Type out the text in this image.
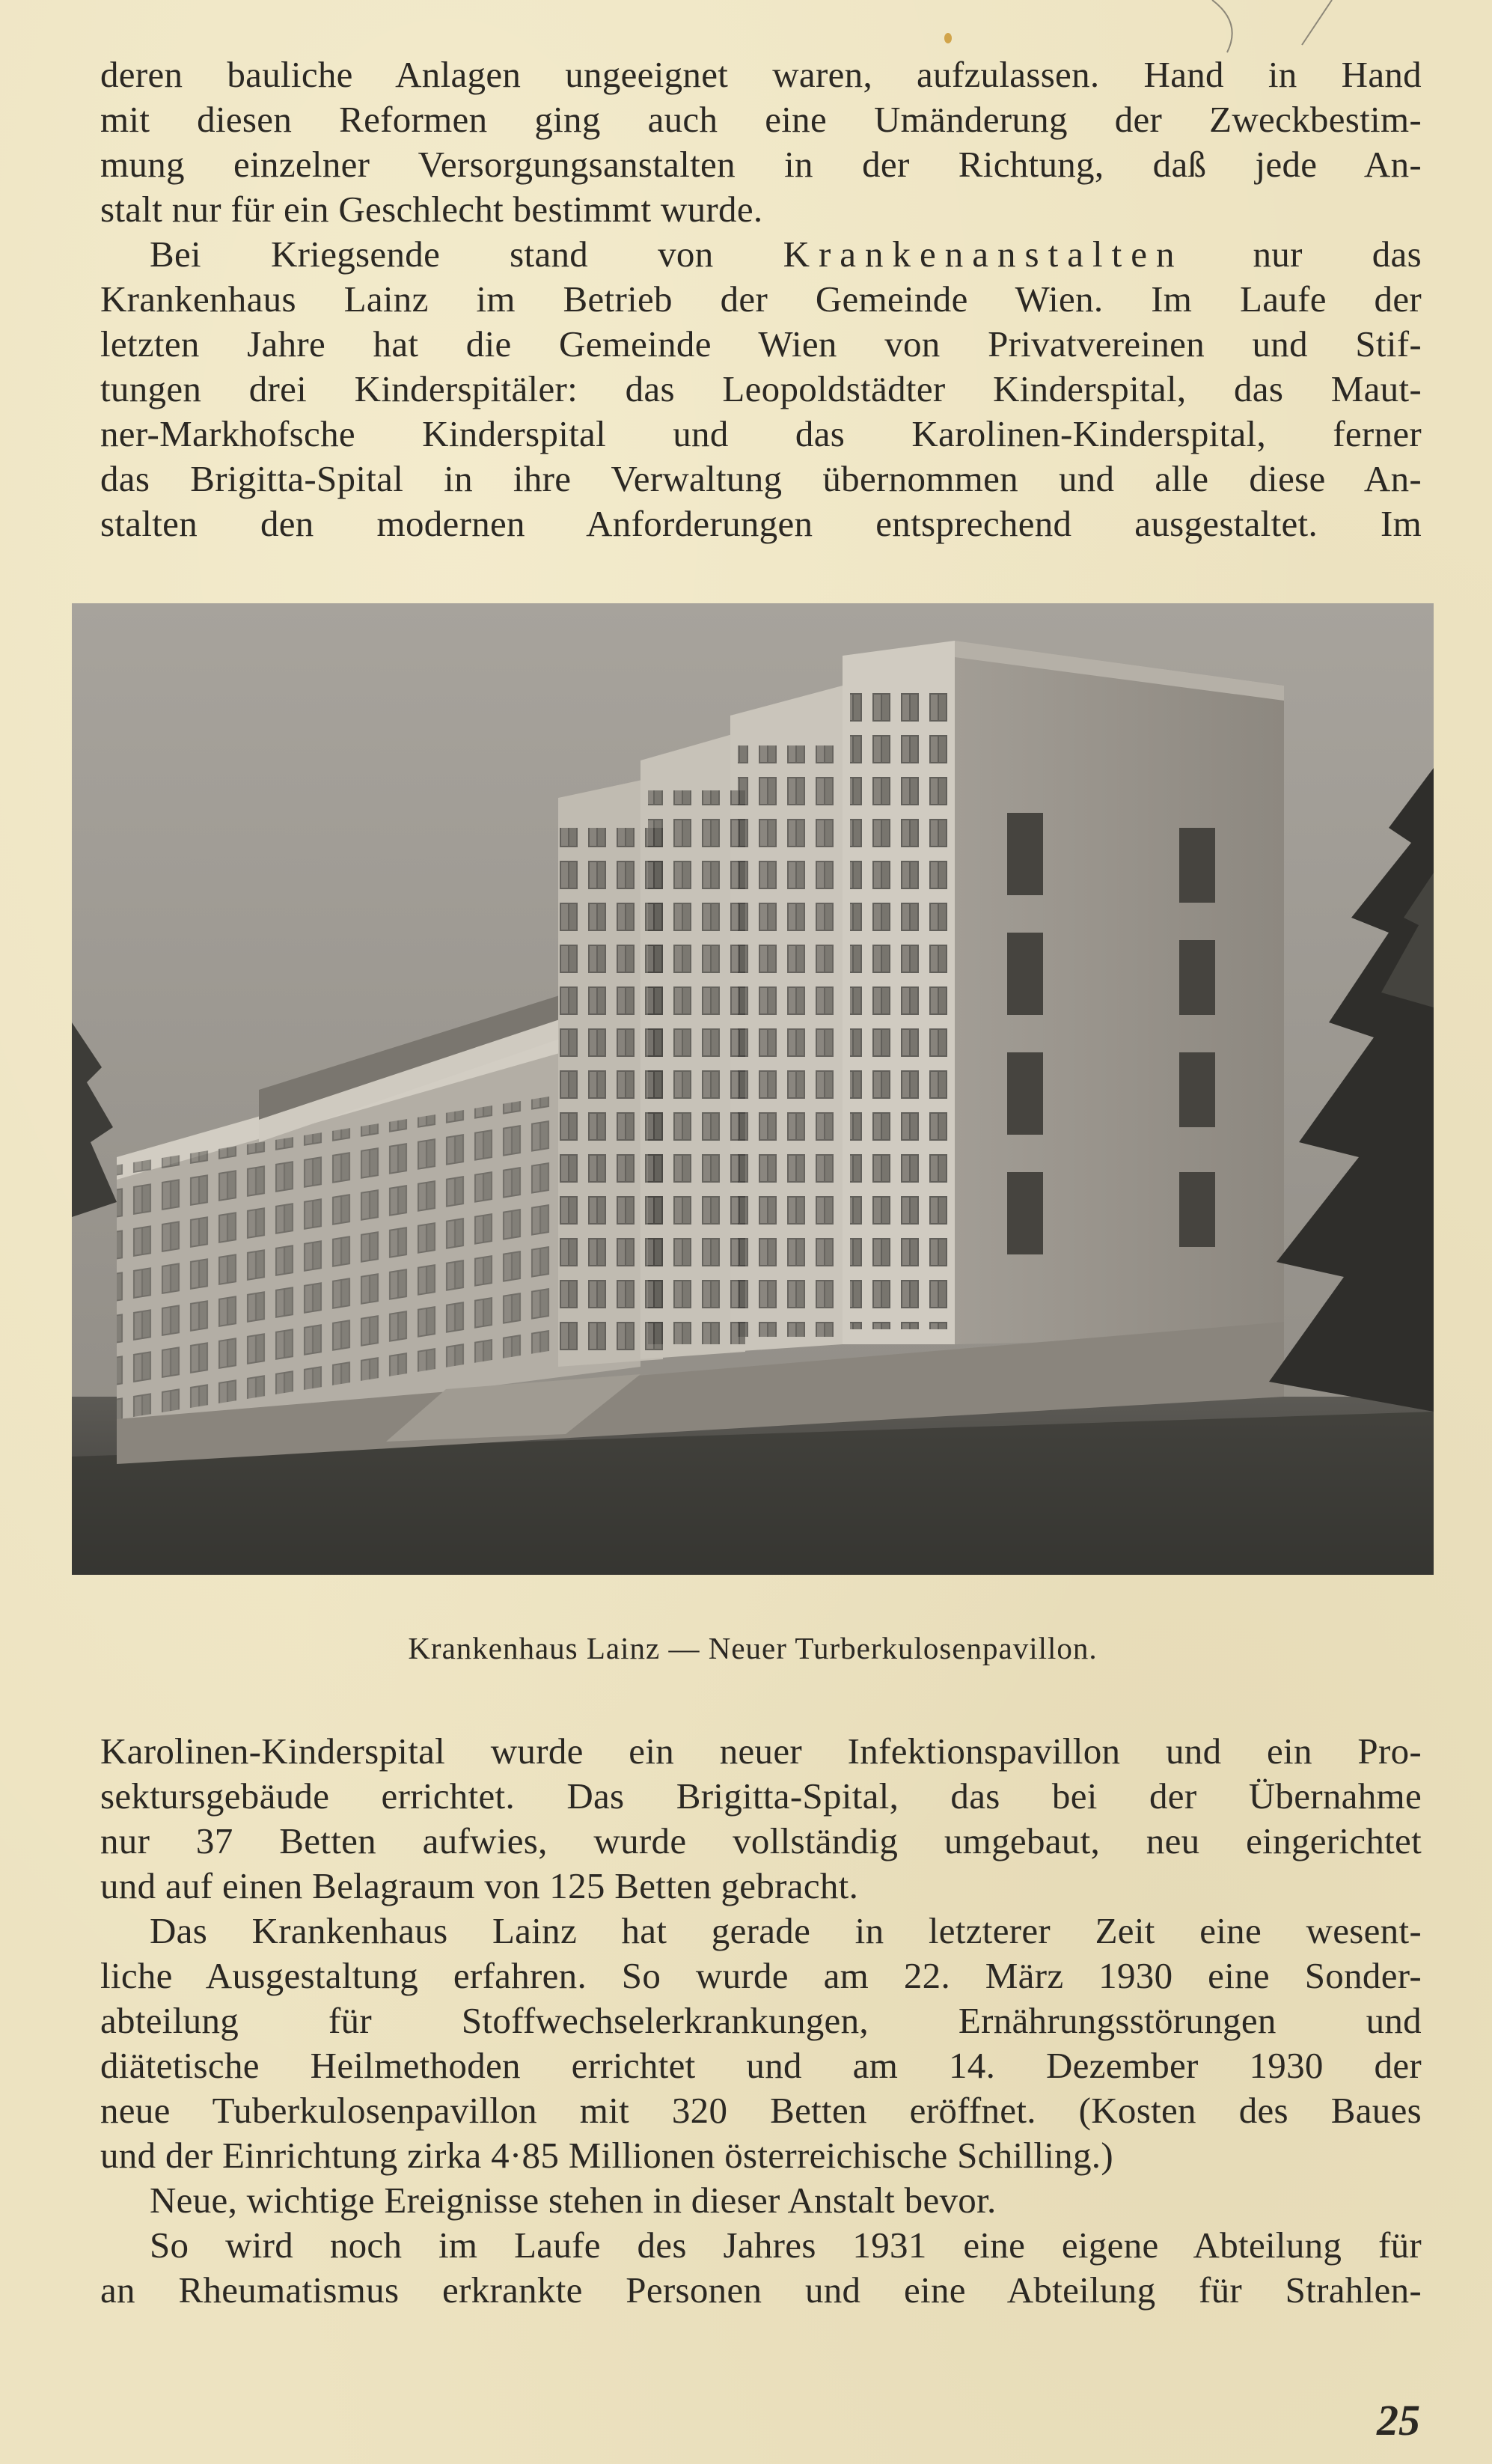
deren bauliche Anlagen ungeeignet waren, aufzulassen. Hand in Hand
mit diesen Reformen ging auch eine Umänderung der Zweckbestim-
mung einzelner Versorgungsanstalten in der Richtung, daß jede An-
stalt nur für ein Geschlecht bestimmt wurde.

Bei Kriegsende stand von Krankenanstalten nur das
Krankenhaus Lainz im Betrieb der Gemeinde Wien. Im Laufe der
letzten Jahre hat die Gemeinde Wien von Privatvereinen und Stif-
tungen drei Kinderspitäler: das Leopoldstädter Kinderspital, das Maut-
ner-Markhofsche Kinderspital und das Karolinen-Kinderspital, ferner
das Brigitta-Spital in ihre Verwaltung übernommen und alle diese An-
stalten den modernen Anforderungen entsprechend ausgestaltet. Im

Krankenhaus Lainz — Neuer Turberkulosenpavillon.

Karolinen-Kinderspital wurde ein neuer Infektionspavillon und ein Pro-
sektursgebäude errichtet. Das Brigitta-Spital, das bei der Übernahme
nur 37 Betten aufwies, wurde vollständig umgebaut, neu eingerichtet
und auf einen Belagraum von 125 Betten gebracht.

Das Krankenhaus Lainz hat gerade in letzterer Zeit eine wesent-
liche Ausgestaltung erfahren. So wurde am 22. März 1930 eine Sonder-
abteilung für Stoffwechselerkrankungen, Ernährungsstörungen und
diätetische Heilmethoden errichtet und am 14. Dezember 1930 der
neue Tuberkulosenpavillon mit 320 Betten eröffnet. (Kosten des Baues
und der Einrichtung zirka 4·85 Millionen österreichische Schilling.)

Neue, wichtige Ereignisse stehen in dieser Anstalt bevor.

So wird noch im Laufe des Jahres 1931 eine eigene Abteilung für
an Rheumatismus erkrankte Personen und eine Abteilung für Strahlen-

25
